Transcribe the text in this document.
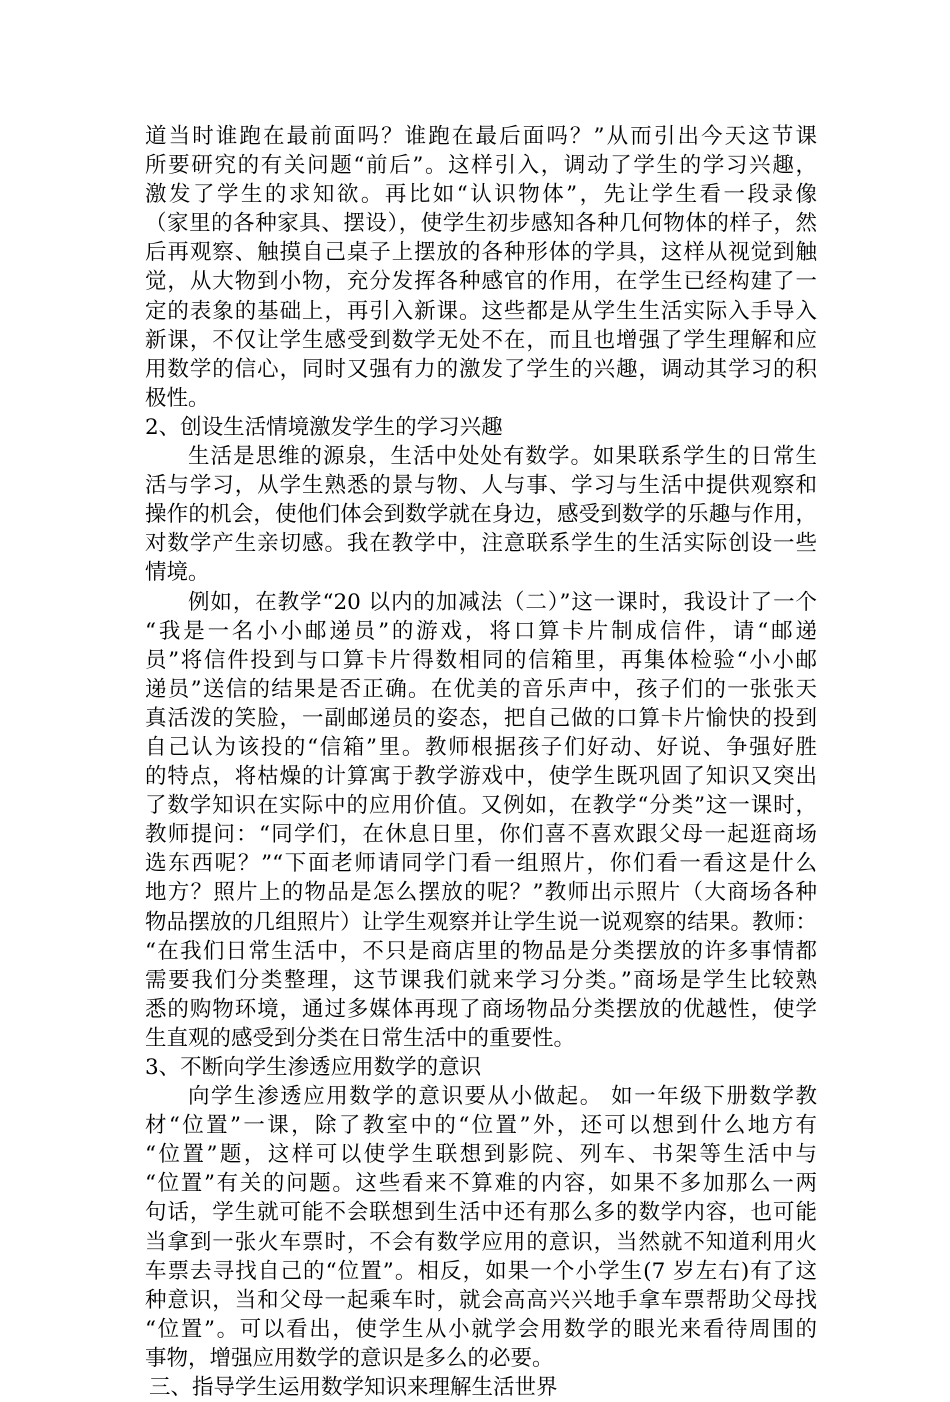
道当时谁跑在最前面吗？谁跑在最后面吗？”从而引出今天这节课
所要研究的有关问题“前后”。这样引入，调动了学生的学习兴趣，
激发了学生的求知欲。再比如“认识物体”，先让学生看一段录像
（家里的各种家具、摆设），使学生初步感知各种几何物体的样子，然
后再观察、触摸自己桌子上摆放的各种形体的学具，这样从视觉到触
觉，从大物到小物，充分发挥各种感官的作用，在学生已经构建了一
定的表象的基础上，再引入新课。这些都是从学生生活实际入手导入
新课，不仅让学生感受到数学无处不在，而且也增强了学生理解和应
用数学的信心，同时又强有力的激发了学生的兴趣，调动其学习的积
极性。
2、创设生活情境激发学生的学习兴趣
生活是思维的源泉，生活中处处有数学。如果联系学生的日常生
活与学习，从学生熟悉的景与物、人与事、学习与生活中提供观察和
操作的机会，使他们体会到数学就在身边，感受到数学的乐趣与作用，
对数学产生亲切感。我在教学中，注意联系学生的生活实际创设一些
情境。
例如，在教学“20 以内的加减法（二）”这一课时，我设计了一个
“我是一名小小邮递员”的游戏，将口算卡片制成信件，请“邮递
员”将信件投到与口算卡片得数相同的信箱里，再集体检验“小小邮
递员”送信的结果是否正确。在优美的音乐声中，孩子们的一张张天
真活泼的笑脸，一副邮递员的姿态，把自己做的口算卡片愉快的投到
自己认为该投的“信箱”里。教师根据孩子们好动、好说、争强好胜
的特点，将枯燥的计算寓于教学游戏中，使学生既巩固了知识又突出
了数学知识在实际中的应用价值。又例如，在教学“分类”这一课时，
教师提问：“同学们，在休息日里，你们喜不喜欢跟父母一起逛商场
选东西呢？”“下面老师请同学门看一组照片，你们看一看这是什么
地方？照片上的物品是怎么摆放的呢？”教师出示照片（大商场各种
物品摆放的几组照片）让学生观察并让学生说一说观察的结果。教师：
“在我们日常生活中，不只是商店里的物品是分类摆放的许多事情都
需要我们分类整理，这节课我们就来学习分类。”商场是学生比较熟
悉的购物环境，通过多媒体再现了商场物品分类摆放的优越性，使学
生直观的感受到分类在日常生活中的重要性。
3、不断向学生渗透应用数学的意识
向学生渗透应用数学的意识要从小做起。 如一年级下册数学教
材“位置”一课，除了教室中的“位置”外，还可以想到什么地方有
“位置”题，这样可以使学生联想到影院、列车、书架等生活中与
“位置”有关的问题。这些看来不算难的内容，如果不多加那么一两
句话，学生就可能不会联想到生活中还有那么多的数学内容，也可能
当拿到一张火车票时，不会有数学应用的意识，当然就不知道利用火
车票去寻找自己的“位置”。相反，如果一个小学生(7 岁左右)有了这
种意识，当和父母一起乘车时，就会高高兴兴地手拿车票帮助父母找
“位置”。可以看出，使学生从小就学会用数学的眼光来看待周围的
事物，增强应用数学的意识是多么的必要。
三、指导学生运用数学知识来理解生活世界
